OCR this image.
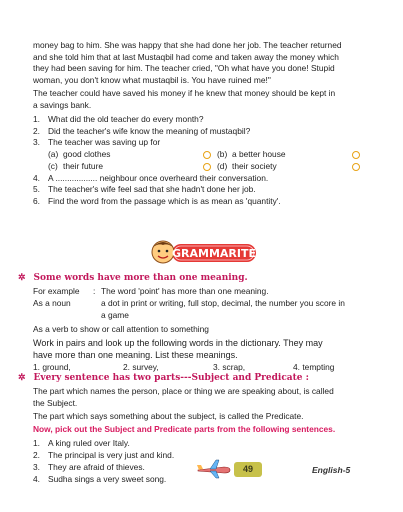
money bag to him. She was happy that she had done her job. The teacher returned

and she told him that at last Mustaqbil had come and taken away the money which

they had been saving for him. The teacher cried, "Oh what have you done! Stupid

woman, you don't know what mustaqbil is. You have ruined me!"

The teacher could have saved his money if he knew that money should be kept in

a savings bank.

1. What did the old teacher do every month?
2. Did the teacher's wife know the meaning of mustaqbil?
3. The teacher was saving up for
(a) good clothes	(b) a better house
(c) their future	(d) their society
4. A .................. neighbour once overheard their conversation.
5. The teacher's wife feel sad that she hadn't done her job.
6. Find the word from the passage which is as mean as 'quantity'.
GRAMMARITE
✲ Some words have more than one meaning.
For example : The word 'point' has more than one meaning.
As a noun	a dot in print or writing, full stop, decimal, the number you score in

a game

As a verb to show or call attention to something

Work in pairs and look up the following words in the dictionary. They may

have more than one meaning. List these meanings.

1. ground,	2. survey,	3. scrap,	4. tempting
✲ Every sentence has two parts---Subject and Predicate :

The part which names the person, place or thing we are speaking about, is called

the Subject.

The part which says something about the subject, is called the Predicate.
Now, pick out the Subject and Predicate parts from the following sentences.
1. A king ruled over Italy.
2. The principal is very just and kind.
3. They are afraid of thieves.
4. Sudha sings a very sweet song.
49	English-5
